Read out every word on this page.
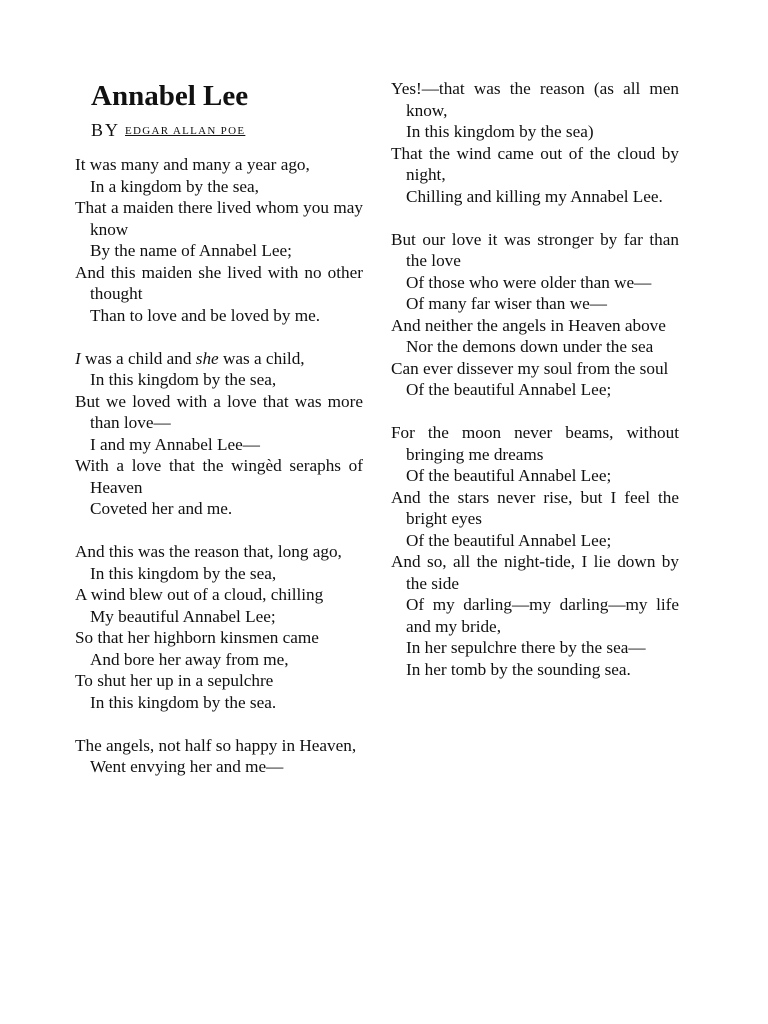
Annabel Lee
BY EDGAR ALLAN POE
It was many and many a year ago,
In a kingdom by the sea,
That a maiden there lived whom you may know
By the name of Annabel Lee;
And this maiden she lived with no other thought
Than to love and be loved by me.
I was a child and she was a child,
In this kingdom by the sea,
But we loved with a love that was more than love—
I and my Annabel Lee—
With a love that the wingèd seraphs of Heaven
Coveted her and me.
And this was the reason that, long ago,
In this kingdom by the sea,
A wind blew out of a cloud, chilling
My beautiful Annabel Lee;
So that her highborn kinsmen came
And bore her away from me,
To shut her up in a sepulchre
In this kingdom by the sea.
The angels, not half so happy in Heaven,
Went envying her and me—
Yes!—that was the reason (as all men know,
In this kingdom by the sea)
That the wind came out of the cloud by night,
Chilling and killing my Annabel Lee.
But our love it was stronger by far than the love
Of those who were older than we—
Of many far wiser than we—
And neither the angels in Heaven above
Nor the demons down under the sea
Can ever dissever my soul from the soul
Of the beautiful Annabel Lee;
For the moon never beams, without bringing me dreams
Of the beautiful Annabel Lee;
And the stars never rise, but I feel the bright eyes
Of the beautiful Annabel Lee;
And so, all the night-tide, I lie down by the side
Of my darling—my darling—my life and my bride,
In her sepulchre there by the sea—
In her tomb by the sounding sea.
